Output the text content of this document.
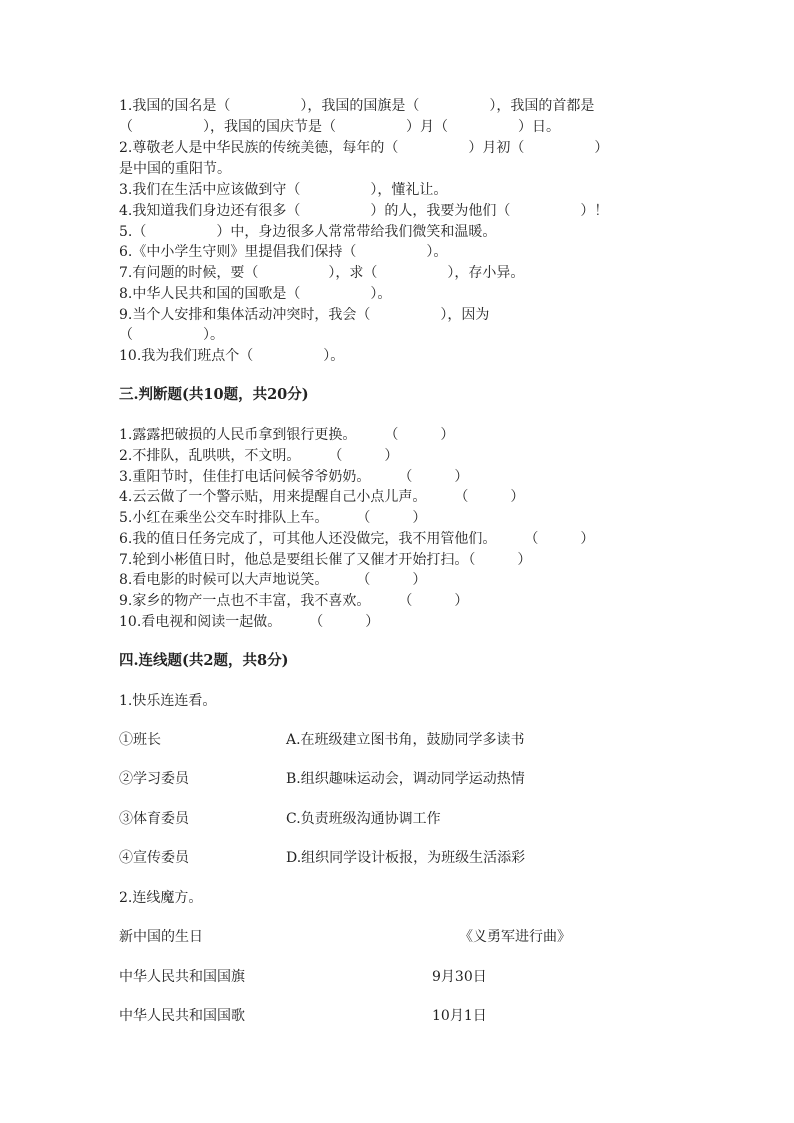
1.我国的国名是（　　　　　），我国的国旗是（　　　　　），我国的首都是
（　　　　　），我国的国庆节是（　　　　　）月（　　　　　）日。
2.尊敬老人是中华民族的传统美德，每年的（　　　　　）月初（　　　　　）
是中国的重阳节。
3.我们在生活中应该做到守（　　　　　），懂礼让。
4.我知道我们身边还有很多（　　　　　）的人，我要为他们（　　　　　）！
5.（　　　　　）中，身边很多人常常带给我们微笑和温暖。
6.《中小学生守则》里提倡我们保持（　　　　　）。
7.有问题的时候，要（　　　　　），求（　　　　　），存小异。
8.中华人民共和国的国歌是（　　　　　）。
9.当个人安排和集体活动冲突时，我会（　　　　　），因为
（　　　　　）。
10.我为我们班点个（　　　　　）。
三.判断题(共10题，共20分)
1.露露把破损的人民币拿到银行更换。　　　（　　　）
2.不排队，乱哄哄，不文明。　　　（　　　）
3.重阳节时，佳佳打电话问候爷爷奶奶。　　　（　　　）
4.云云做了一个警示贴，用来提醒自己小点儿声。　　　（　　　）
5.小红在乘坐公交车时排队上车。　　　（　　　）
6.我的值日任务完成了，可其他人还没做完，我不用管他们。　　　（　　　）
7.轮到小彬值日时，他总是要组长催了又催才开始打扫。（　　　）
8.看电影的时候可以大声地说笑。　　　（　　　）
9.家乡的物产一点也不丰富，我不喜欢。　　　（　　　）
10.看电视和阅读一起做。　　　（　　　）
四.连线题(共2题，共8分)
1.快乐连连看。
①班长	A.在班级建立图书角，鼓励同学多读书
②学习委员	B.组织趣味运动会，调动同学运动热情
③体育委员	C.负责班级沟通协调工作
④宣传委员	D.组织同学设计板报，为班级生活添彩
2.连线魔方。
新中国的生日	《义勇军进行曲》
中华人民共和国国旗	9月30日
中华人民共和国国歌	10月1日
